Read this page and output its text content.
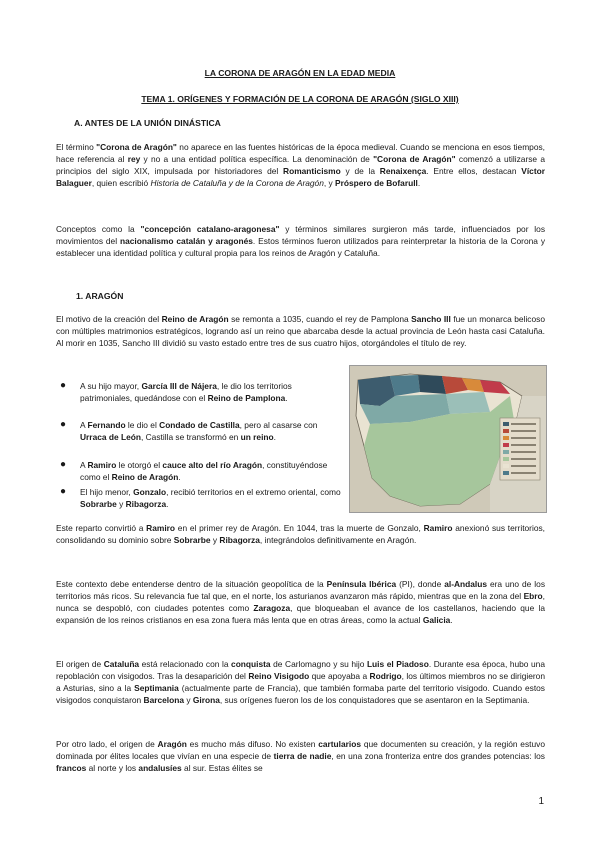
LA CORONA DE ARAGÓN EN LA EDAD MEDIA
TEMA 1. ORÍGENES Y FORMACIÓN DE LA CORONA DE ARAGÓN (SIGLO XIII)
A. ANTES DE LA UNIÓN DINÁSTICA
El término "Corona de Aragón" no aparece en las fuentes históricas de la época medieval. Cuando se menciona en esos tiempos, hace referencia al rey y no a una entidad política específica. La denominación de "Corona de Aragón" comenzó a utilizarse a principios del siglo XIX, impulsada por historiadores del Romanticismo y de la Renaixença. Entre ellos, destacan Víctor Balaguer, quien escribió Historia de Cataluña y de la Corona de Aragón, y Próspero de Bofarull.
Conceptos como la "concepción catalano-aragonesa" y términos similares surgieron más tarde, influenciados por los movimientos del nacionalismo catalán y aragonés. Estos términos fueron utilizados para reinterpretar la historia de la Corona y establecer una identidad política y cultural propia para los reinos de Aragón y Cataluña.
1. ARAGÓN
El motivo de la creación del Reino de Aragón se remonta a 1035, cuando el rey de Pamplona Sancho III fue un monarca belicoso con múltiples matrimonios estratégicos, logrando así un reino que abarcaba desde la actual provincia de León hasta casi Cataluña. Al morir en 1035, Sancho III dividió su vasto estado entre tres de sus cuatro hijos, otorgándoles el título de rey.
●	A su hijo mayor, García III de Nájera, le dio los territorios patrimoniales, quedándose con el Reino de Pamplona.
●	A Fernando le dio el Condado de Castilla, pero al casarse con Urraca de León, Castilla se transformó en un reino.
●	A Ramiro le otorgó el cauce alto del río Aragón, constituyéndose como el Reino de Aragón.
●	El hijo menor, Gonzalo, recibió territorios en el extremo oriental, como Sobrarbe y Ribagorza.
Este reparto convirtió a Ramiro en el primer rey de Aragón. En 1044, tras la muerte de Gonzalo, Ramiro anexionó sus territorios, consolidando su dominio sobre Sobrarbe y Ribagorza, integrándolos definitivamente en Aragón.
Este contexto debe entenderse dentro de la situación geopolítica de la Península Ibérica (PI), donde al-Andalus era uno de los territorios más ricos. Su relevancia fue tal que, en el norte, los asturianos avanzaron más rápido, mientras que en la zona del Ebro, nunca se despobló, con ciudades potentes como Zaragoza, que bloqueaban el avance de los castellanos, haciendo que la expansión de los reinos cristianos en esa zona fuera más lenta que en otras áreas, como la actual Galicia.
El origen de Cataluña está relacionado con la conquista de Carlomagno y su hijo Luis el Piadoso. Durante esa época, hubo una repoblación con visigodos. Tras la desaparición del Reino Visigodo que apoyaba a Rodrigo, los últimos miembros no se dirigieron a Asturias, sino a la Septimania (actualmente parte de Francia), que también formaba parte del territorio visigodo. Cuando estos visigodos conquistaron Barcelona y Girona, sus orígenes fueron los de los conquistadores que se asentaron en la Septimania.
Por otro lado, el origen de Aragón es mucho más difuso. No existen cartularios que documenten su creación, y la región estuvo dominada por élites locales que vivían en una especie de tierra de nadie, en una zona fronteriza entre dos grandes potencias: los francos al norte y los andalusíes al sur. Estas élites se
1
